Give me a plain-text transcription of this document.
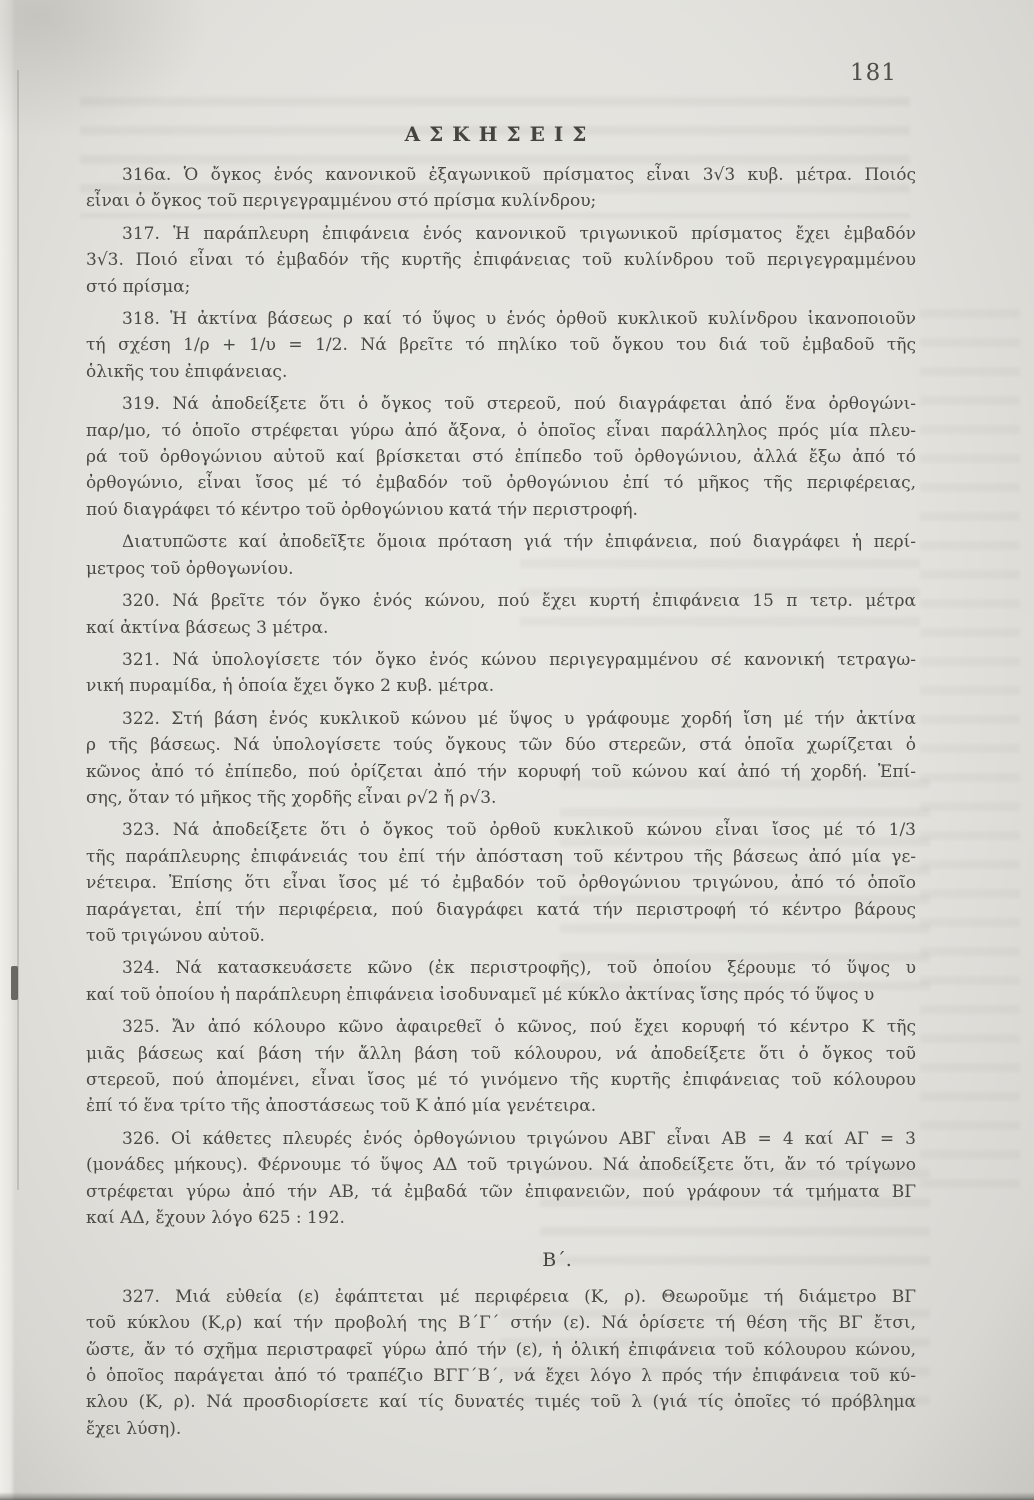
181
ΑΣΚΗΣΕΙΣ
316α. Ὁ ὄγκος ἑνός κανονικοῦ ἐξαγωνικοῦ πρίσματος εἶναι 3√3 κυβ. μέτρα. Ποιός
εἶναι ὁ ὄγκος τοῦ περιγεγραμμένου στό πρίσμα κυλίνδρου;
317. Ἡ παράπλευρη ἐπιφάνεια ἑνός κανονικοῦ τριγωνικοῦ πρίσματος ἔχει ἐμβαδόν
3√3. Ποιό εἶναι τό ἐμβαδόν τῆς κυρτῆς ἐπιφάνειας τοῦ κυλίνδρου τοῦ περιγεγραμμένου
στό πρίσμα;
318. Ἡ ἀκτίνα βάσεως ρ καί τό ὕψος υ ἑνός ὀρθοῦ κυκλικοῦ κυλίνδρου ἱκανοποιοῦν
τή σχέση 1/ρ + 1/υ = 1/2. Νά βρεῖτε τό πηλίκο τοῦ ὄγκου του διά τοῦ ἐμβαδοῦ τῆς
ὁλικῆς του ἐπιφάνειας.
319. Νά ἀποδείξετε ὅτι ὁ ὄγκος τοῦ στερεοῦ, πού διαγράφεται ἀπό ἕνα ὀρθογώνι-
παρ/μο, τό ὁποῖο στρέφεται γύρω ἀπό ἄξονα, ὁ ὁποῖος εἶναι παράλληλος πρός μία πλευ-
ρά τοῦ ὀρθογώνιου αὐτοῦ καί βρίσκεται στό ἐπίπεδο τοῦ ὀρθογώνιου, ἀλλά ἔξω ἀπό τό
ὀρθογώνιο, εἶναι ἴσος μέ τό ἐμβαδόν τοῦ ὀρθογώνιου ἐπί τό μῆκος τῆς περιφέρειας,
πού διαγράφει τό κέντρο τοῦ ὀρθογώνιου κατά τήν περιστροφή.
Διατυπῶστε καί ἀποδεῖξτε ὅμοια πρόταση γιά τήν ἐπιφάνεια, πού διαγράφει ἡ περί-
μετρος τοῦ ὀρθογωνίου.
320. Νά βρεῖτε τόν ὄγκο ἑνός κώνου, πού ἔχει κυρτή ἐπιφάνεια 15 π τετρ. μέτρα
καί ἀκτίνα βάσεως 3 μέτρα.
321. Νά ὑπολογίσετε τόν ὄγκο ἑνός κώνου περιγεγραμμένου σέ κανονική τετραγω-
νική πυραμίδα, ἡ ὁποία ἔχει ὄγκο 2 κυβ. μέτρα.
322. Στή βάση ἑνός κυκλικοῦ κώνου μέ ὕψος υ γράφουμε χορδή ἴση μέ τήν ἀκτίνα
ρ τῆς βάσεως. Νά ὑπολογίσετε τούς ὄγκους τῶν δύο στερεῶν, στά ὁποῖα χωρίζεται ὁ
κῶνος ἀπό τό ἐπίπεδο, πού ὁρίζεται ἀπό τήν κορυφή τοῦ κώνου καί ἀπό τή χορδή. Ἐπί-
σης, ὅταν τό μῆκος τῆς χορδῆς εἶναι ρ√2 ἤ ρ√3.
323. Νά ἀποδείξετε ὅτι ὁ ὄγκος τοῦ ὀρθοῦ κυκλικοῦ κώνου εἶναι ἴσος μέ τό 1/3
τῆς παράπλευρης ἐπιφάνειάς του ἐπί τήν ἀπόσταση τοῦ κέντρου τῆς βάσεως ἀπό μία γε-
νέτειρα. Ἐπίσης ὅτι εἶναι ἴσος μέ τό ἐμβαδόν τοῦ ὀρθογώνιου τριγώνου, ἀπό τό ὁποῖο
παράγεται, ἐπί τήν περιφέρεια, πού διαγράφει κατά τήν περιστροφή τό κέντρο βάρους
τοῦ τριγώνου αὐτοῦ.
324. Νά κατασκευάσετε κῶνο (ἐκ περιστροφῆς), τοῦ ὁποίου ξέρουμε τό ὕψος υ
καί τοῦ ὁποίου ἡ παράπλευρη ἐπιφάνεια ἰσοδυναμεῖ μέ κύκλο ἀκτίνας ἴσης πρός τό ὕψος υ
325. Ἄν ἀπό κόλουρο κῶνο ἀφαιρεθεῖ ὁ κῶνος, πού ἔχει κορυφή τό κέντρο Κ τῆς
μιᾶς βάσεως καί βάση τήν ἄλλη βάση τοῦ κόλουρου, νά ἀποδείξετε ὅτι ὁ ὄγκος τοῦ
στερεοῦ, πού ἀπομένει, εἶναι ἴσος μέ τό γινόμενο τῆς κυρτῆς ἐπιφάνειας τοῦ κόλουρου
ἐπί τό ἕνα τρίτο τῆς ἀποστάσεως τοῦ Κ ἀπό μία γενέτειρα.
326. Οἱ κάθετες πλευρές ἑνός ὀρθογώνιου τριγώνου ΑΒΓ εἶναι ΑΒ = 4 καί ΑΓ = 3
(μονάδες μήκους). Φέρνουμε τό ὕψος ΑΔ τοῦ τριγώνου. Νά ἀποδείξετε ὅτι, ἄν τό τρίγωνο
στρέφεται γύρω ἀπό τήν ΑΒ, τά ἐμβαδά τῶν ἐπιφανειῶν, πού γράφουν τά τμήματα ΒΓ
καί ΑΔ, ἔχουν λόγο 625 : 192.
Β΄.
327. Μιά εὐθεία (ε) ἐφάπτεται μέ περιφέρεια (Κ, ρ). Θεωροῦμε τή διάμετρο ΒΓ
τοῦ κύκλου (Κ,ρ) καί τήν προβολή της Β΄Γ΄ στήν (ε). Νά ὁρίσετε τή θέση τῆς ΒΓ ἔτσι,
ὥστε, ἄν τό σχῆμα περιστραφεῖ γύρω ἀπό τήν (ε), ἡ ὁλική ἐπιφάνεια τοῦ κόλουρου κώνου,
ὁ ὁποῖος παράγεται ἀπό τό τραπέζιο ΒΓΓ΄Β΄, νά ἔχει λόγο λ πρός τήν ἐπιφάνεια τοῦ κύ-
κλου (Κ, ρ). Νά προσδιορίσετε καί τίς δυνατές τιμές τοῦ λ (γιά τίς ὁποῖες τό πρόβλημα
ἔχει λύση).
